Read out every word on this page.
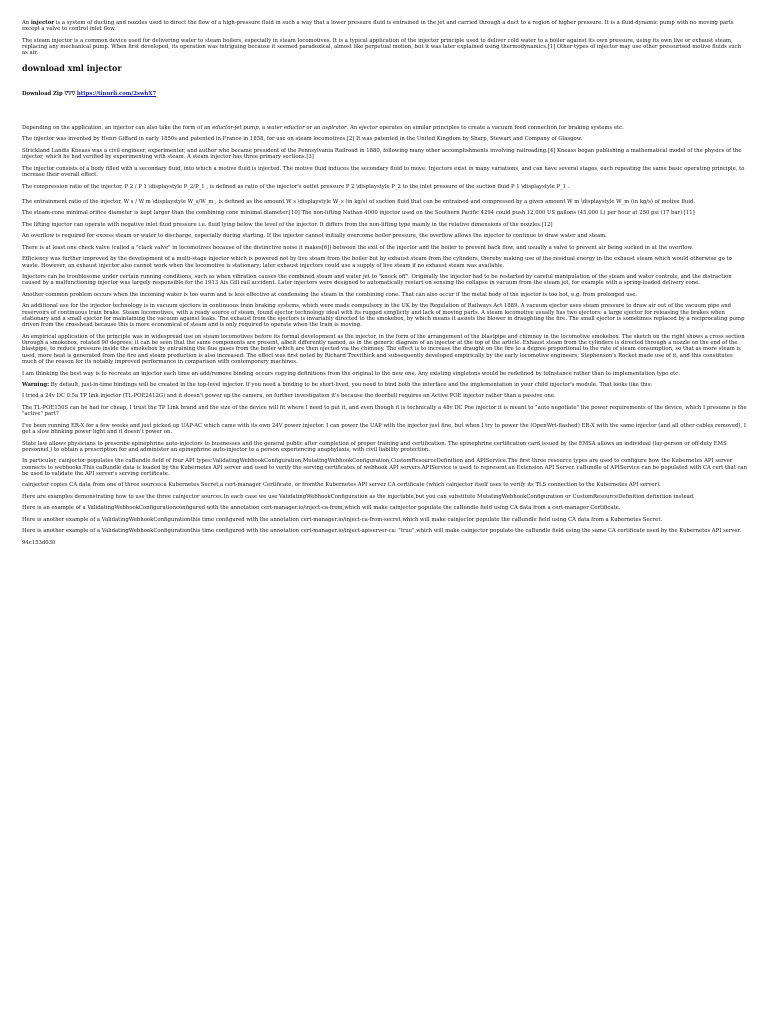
An injector is a system of ducting and nozzles used to direct the flow of a high-pressure fluid in such a way that a lower pressure fluid is entrained in the jet and carried through a duct to a region of higher pressure. It is a fluid-dynamic pump with no moving parts except a valve to control inlet flow.

The steam injector is a common device used for delivering water to steam boilers, especially in steam locomotives. It is a typical application of the injector principle used to deliver cold water to a boiler against its own pressure, using its own live or exhaust steam, replacing any mechanical pump. When first developed, its operation was intriguing because it seemed paradoxical, almost like perpetual motion, but it was later explained using thermodynamics.[1] Other types of injector may use other pressurised motive fluids such as air.

download xml injector

Download Zip ᐁᐁᐁ https://tinurli.com/2swhX7

Depending on the application, an injector can also take the form of an eductor-jet pump, a water eductor or an aspirator. An ejector operates on similar principles to create a vacuum feed connection for braking systems etc.

The injector was invented by Henri Giffard in early 1850s and patented in France in 1858, for use on steam locomotives.[2] It was patented in the United Kingdom by Sharp, Stewart and Company of Glasgow.

Strickland Landis Kneass was a civil engineer, experimenter, and author who became president of the Pennsylvania Railroad in 1880, following many other accomplishments involving railroading.[4] Kneass began publishing a mathematical model of the physics of the injector, which he had verified by experimenting with steam. A steam injector has three primary sections.[3]

The injector consists of a body filled with a secondary fluid, into which a motive fluid is injected. The motive fluid induces the secondary fluid to move. Injectors exist in many variations, and can have several stages, each repeating the same basic operating principle, to increase their overall effect.

The compression ratio of the injector, P 2 / P 1 \displaystyle P_2/P_1 , is defined as ratio of the injector's outlet pressure P 2 \displaystyle P_2 to the inlet pressure of the suction fluid P 1 \displaystyle P_1 .

The entrainment ratio of the injector, W s / W m \displaystyle W_s/W_m , is defined as the amount W s \displaystyle W_s (in kg/s) of suction fluid that can be entrained and compressed by a given amount W m \displaystyle W_m (in kg/s) of motive fluid.

The steam-cone minimal orifice diameter is kept larger than the combining cone minimal diameter.[10] The non-lifting Nathan 4000 injector used on the Southern Pacific 4294 could push 12,000 US gallons (45,000 L) per hour at 250 psi (17 bar).[11]

The lifting injector can operate with negative inlet fluid pressure i.e. fluid lying below the level of the injector. It differs from the non-lifting type mainly in the relative dimensions of the nozzles.[12]

An overflow is required for excess steam or water to discharge, especially during starting. If the injector cannot initially overcome boiler pressure, the overflow allows the injector to continue to draw water and steam.

There is at least one check valve (called a "clack valve" in locomotives because of the distinctive noise it makes[6]) between the exit of the injector and the boiler to prevent back flow, and usually a valve to prevent air being sucked in at the overflow.

Efficiency was further improved by the development of a multi-stage injector which is powered not by live steam from the boiler but by exhaust steam from the cylinders, thereby making use of the residual energy in the exhaust steam which would otherwise go to waste. However, an exhaust injector also cannot work when the locomotive is stationary; later exhaust injectors could use a supply of live steam if no exhaust steam was available.

Injectors can be troublesome under certain running conditions, such as when vibration causes the combined steam and water jet to "knock off". Originally the injector had to be restarted by careful manipulation of the steam and water controls, and the distraction caused by a malfunctioning injector was largely responsible for the 1913 Ais Gill rail accident. Later injectors were designed to automatically restart on sensing the collapse in vacuum from the steam jet, for example with a spring-loaded delivery cone.

Another common problem occurs when the incoming water is too warm and is less effective at condensing the steam in the combining cone. That can also occur if the metal body of the injector is too hot, e.g. from prolonged use.

An additional use for the injector technology is in vacuum ejectors in continuous train braking systems, which were made compulsory in the UK by the Regulation of Railways Act 1889. A vacuum ejector uses steam pressure to draw air out of the vacuum pipe and reservoirs of continuous train brake. Steam locomotives, with a ready source of steam, found ejector technology ideal with its rugged simplicity and lack of moving parts. A steam locomotive usually has two ejectors: a large ejector for releasing the brakes when stationary and a small ejector for maintaining the vacuum against leaks. The exhaust from the ejectors is invariably directed to the smokebox, by which means it assists the blower in draughting the fire. The small ejector is sometimes replaced by a reciprocating pump driven from the crosshead because this is more economical of steam and is only required to operate when the train is moving.

An empirical application of the principle was in widespread use on steam locomotives before its formal development as the injector, in the form of the arrangement of the blastpipe and chimney in the locomotive smokebox. The sketch on the right shows a cross section through a smokebox, rotated 90 degrees; it can be seen that the same components are present, albeit differently named, as in the generic diagram of an injector at the top of the article. Exhaust steam from the cylinders is directed through a nozzle on the end of the blastpipe, to reduce pressure inside the smokebox by entraining the flue gases from the boiler which are then ejected via the chimney. The effect is to increase the draught on the fire to a degree proportional to the rate of steam consumption, so that as more steam is used, more heat is generated from the fire and steam production is also increased. The effect was first noted by Richard Trevithick and subsequently developed empirically by the early locomotive engineers; Stephenson's Rocket made use of it, and this constitutes much of the reason for its notably improved performance in comparison with contemporary machines.

I am thinking the best way is to recreate an injector each time an add/remove binding occurs copying definitions from the original to the new one. Any existing singletons would be redefined by toInstance rather than to implementation type etc.

Warning: By default, just-in-time bindings will be created in the top-level injector. If you need a binding to be short-lived, you need to bind both the interface and the implementation in your child injector's module. That looks like this:

I tried a 24v DC 0.5a TP link injector (TL-POE2412G) and it doesn't power up the camera, on further investigation it's because the doorbell requires an Active POE injector rather than a passive one.

The TL-POE150S can be had for cheap, I trust the TP Link brand and the size of the device will fit where I need to put it, and even though it is technically a 48v DC Poe injector it is meant to "auto negotiate" the power requirements of the device, which I presume is the "active" part?

I've been running ER-X for a few weeks and just picked up UAP-AC which came with its own 24V power injector. I can power the UAP with the injector just fine, but when I try to power the (OpenWrt-flashed) ER-X with the same injector (and all other cables removed), I get a slow blinking power light and it doesn't power on.

State law allows physicians to prescribe epinephrine auto-injectors to businesses and the general public after completion of proper training and certification. The epinephrine certification card issued by the EMSA allows an individual (lay-person or off-duty EMS personnel,) to obtain a prescription for and administer an epinephrine auto-injector to a person experiencing anaphylaxis, with civil liability protection.

In particular, cainjector populates the caBundle field of four API types:ValidatingWebhookConfiguration,MutatingWebhookConfiguration,CustomResourceDefinition and APIService.The first three resource types are used to configure how the Kubernetes API server connects to webhooks.This caBundle data is loaded by the Kubernetes API server and used to verify the serving certificates of webhook API servers.APIService is used to represent an Extension API Server. caBundle of APIService can be populated with CA cert that can be used to validate the API server's serving certificate.

cainjector copies CA data from one of three sources:a Kubernetes Secret,a cert-manager Certificate, or fromthe Kubernetes API server CA certificate (which cainjector itself uses to verify its TLS connection to the Kubernetes API server).

Here are examples demonstrating how to use the three cainjector sources.In each case we use ValidatingWebhookConfiguration as the injectable,but you can substitute MutatingWebhookConfiguration or CustomResourceDefinition definition instead.

Here is an example of a ValidatingWebhookConfigurationconfigured with the annotation cert-manager.io/inject-ca-from,which will make cainjector populate the caBundle field using CA data from a cert-manager Certificate.

Here is another example of a ValidatingWebhookConfigurationthis time configured with the annotation cert-manager.io/inject-ca-from-secret,which will make cainjector populate the caBundle field using CA data from a Kubernetes Secret.

Here is another example of a ValidatingWebhookConfigurationthis time configured with the annotation cert-manager.io/inject-apiserver-ca: "true",which will make cainjector populate the caBundle field using the same CA certificate used by the Kubernetes API server.

94c153d030
